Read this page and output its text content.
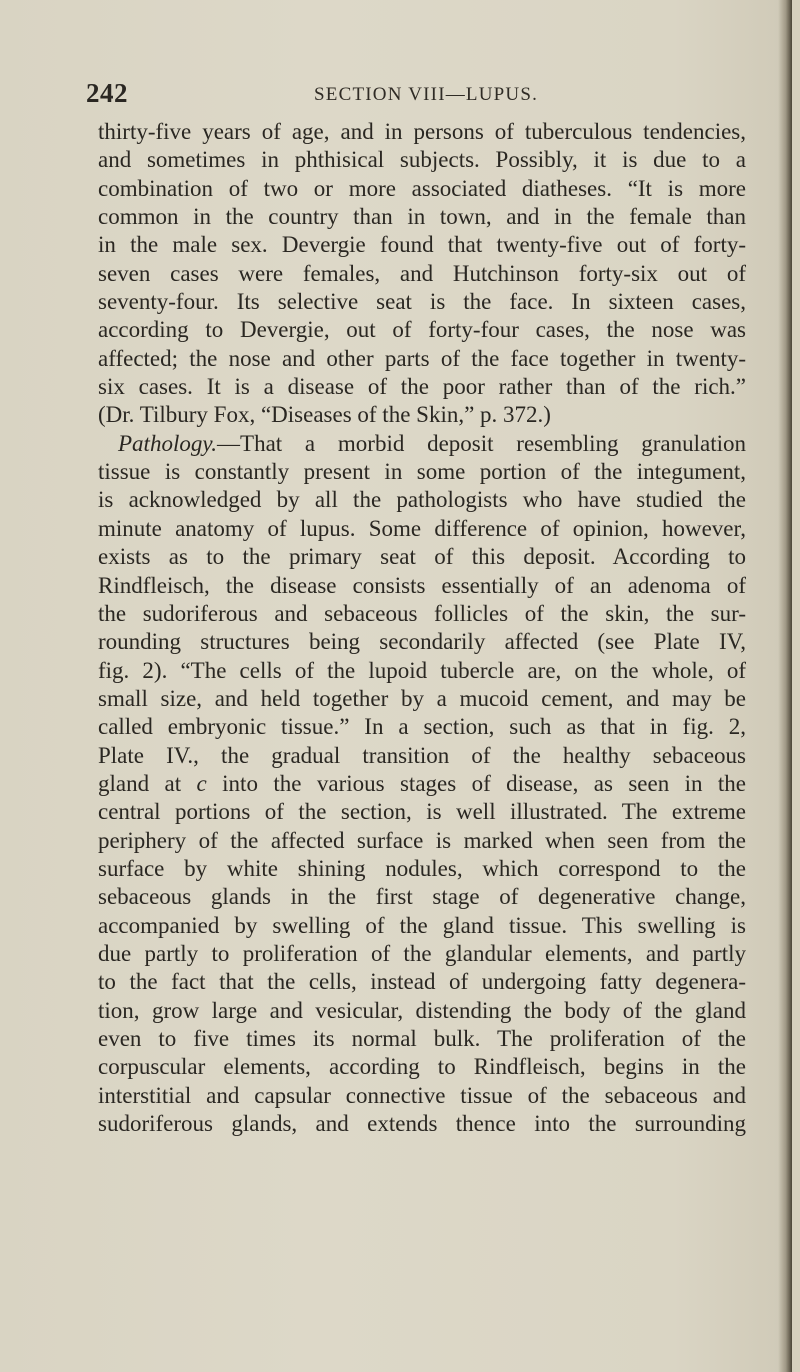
242	SECTION VIII—LUPUS.
thirty-five years of age, and in persons of tuberculous tendencies,
and sometimes in phthisical subjects. Possibly, it is due to a
combination of two or more associated diatheses. “It is more
common in the country than in town, and in the female than
in the male sex. Devergie found that twenty-five out of forty-
seven cases were females, and Hutchinson forty-six out of
seventy-four. Its selective seat is the face. In sixteen cases,
according to Devergie, out of forty-four cases, the nose was
affected; the nose and other parts of the face together in twenty-
six cases. It is a disease of the poor rather than of the rich.”
(Dr. Tilbury Fox, “Diseases of the Skin,” p. 372.)
Pathology.—That a morbid deposit resembling granulation
tissue is constantly present in some portion of the integument,
is acknowledged by all the pathologists who have studied the
minute anatomy of lupus. Some difference of opinion, however,
exists as to the primary seat of this deposit. According to
Rindfleisch, the disease consists essentially of an adenoma of
the sudoriferous and sebaceous follicles of the skin, the sur-
rounding structures being secondarily affected (see Plate IV,
fig. 2). “The cells of the lupoid tubercle are, on the whole, of
small size, and held together by a mucoid cement, and may be
called embryonic tissue.” In a section, such as that in fig. 2,
Plate IV., the gradual transition of the healthy sebaceous
gland at c into the various stages of disease, as seen in the
central portions of the section, is well illustrated. The extreme
periphery of the affected surface is marked when seen from the
surface by white shining nodules, which correspond to the
sebaceous glands in the first stage of degenerative change,
accompanied by swelling of the gland tissue. This swelling is
due partly to proliferation of the glandular elements, and partly
to the fact that the cells, instead of undergoing fatty degenera-
tion, grow large and vesicular, distending the body of the gland
even to five times its normal bulk. The proliferation of the
corpuscular elements, according to Rindfleisch, begins in the
interstitial and capsular connective tissue of the sebaceous and
sudoriferous glands, and extends thence into the surrounding
